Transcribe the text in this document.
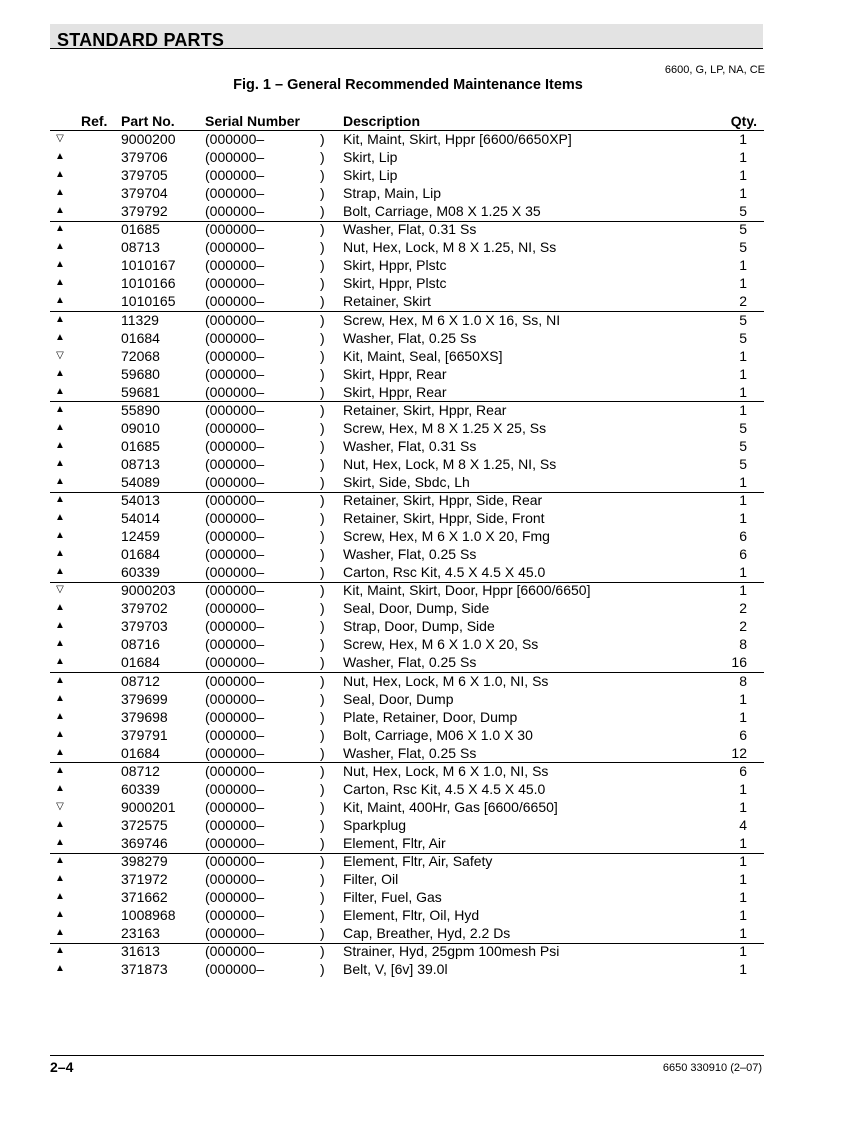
STANDARD PARTS
6600, G, LP, NA, CE
Fig. 1 – General Recommended Maintenance Items
Ref. Part No. Serial Number	Description	Qty.
▽	9000200 (000000–	) Kit, Maint, Skirt, Hppr [6600/6650XP]	1
▲	379706	(000000–	) Skirt, Lip	1
▲	379705	(000000–	) Skirt, Lip	1
▲	379704	(000000–	) Strap, Main, Lip	1
▲	379792	(000000–	) Bolt, Carriage, M08 X 1.25 X 35	5
▲	01685	(000000–	) Washer, Flat, 0.31 Ss	5
▲	08713	(000000–	) Nut, Hex, Lock, M 8 X 1.25, NI, Ss	5
▲	1010167 (000000–	) Skirt, Hppr, Plstc	1
▲	1010166 (000000–	) Skirt, Hppr, Plstc	1
▲	1010165 (000000–	) Retainer, Skirt	2
▲	11329	(000000–	) Screw, Hex, M 6 X 1.0 X 16, Ss, NI	5
▲	01684	(000000–	) Washer, Flat, 0.25 Ss	5
▽	72068	(000000–	) Kit, Maint, Seal, [6650XS]	1
▲	59680	(000000–	) Skirt, Hppr, Rear	1
▲	59681	(000000–	) Skirt, Hppr, Rear	1
▲	55890	(000000–	) Retainer, Skirt, Hppr, Rear	1
▲	09010	(000000–	) Screw, Hex, M 8 X 1.25 X 25, Ss	5
▲	01685	(000000–	) Washer, Flat, 0.31 Ss	5
▲	08713	(000000–	) Nut, Hex, Lock, M 8 X 1.25, NI, Ss	5
▲	54089	(000000–	) Skirt, Side, Sbdc, Lh	1
▲	54013	(000000–	) Retainer, Skirt, Hppr, Side, Rear	1
▲	54014	(000000–	) Retainer, Skirt, Hppr, Side, Front	1
▲	12459	(000000–	) Screw, Hex, M 6 X 1.0 X 20, Fmg	6
▲	01684	(000000–	) Washer, Flat, 0.25 Ss	6
▲	60339	(000000–	) Carton, Rsc Kit, 4.5 X 4.5 X 45.0	1
▽	9000203 (000000–	) Kit, Maint, Skirt, Door, Hppr [6600/6650]	1
▲	379702	(000000–	) Seal, Door, Dump, Side	2
▲	379703	(000000–	) Strap, Door, Dump, Side	2
▲	08716	(000000–	) Screw, Hex, M 6 X 1.0 X 20, Ss	8
▲	01684	(000000–	) Washer, Flat, 0.25 Ss	16
▲	08712	(000000–	) Nut, Hex, Lock, M 6 X 1.0, NI, Ss	8
▲	379699	(000000–	) Seal, Door, Dump	1
▲	379698	(000000–	) Plate, Retainer, Door, Dump	1
▲	379791	(000000–	) Bolt, Carriage, M06 X 1.0 X 30	6
▲	01684	(000000–	) Washer, Flat, 0.25 Ss	12
▲	08712	(000000–	) Nut, Hex, Lock, M 6 X 1.0, NI, Ss	6
▲	60339	(000000–	) Carton, Rsc Kit, 4.5 X 4.5 X 45.0	1
▽	9000201 (000000–	) Kit, Maint, 400Hr, Gas [6600/6650]	1
▲	372575	(000000–	) Sparkplug	4
▲	369746	(000000–	) Element, Fltr, Air	1
▲	398279	(000000–	) Element, Fltr, Air, Safety	1
▲	371972	(000000–	) Filter, Oil	1
▲	371662	(000000–	) Filter, Fuel, Gas	1
▲	1008968 (000000–	) Element, Fltr, Oil, Hyd	1
▲	23163	(000000–	) Cap, Breather, Hyd, 2.2 Ds	1
▲	31613	(000000–	) Strainer, Hyd, 25gpm 100mesh Psi	1
▲	371873	(000000–	) Belt, V, [6v] 39.0l	1
2–4	6650 330910 (2–07)
